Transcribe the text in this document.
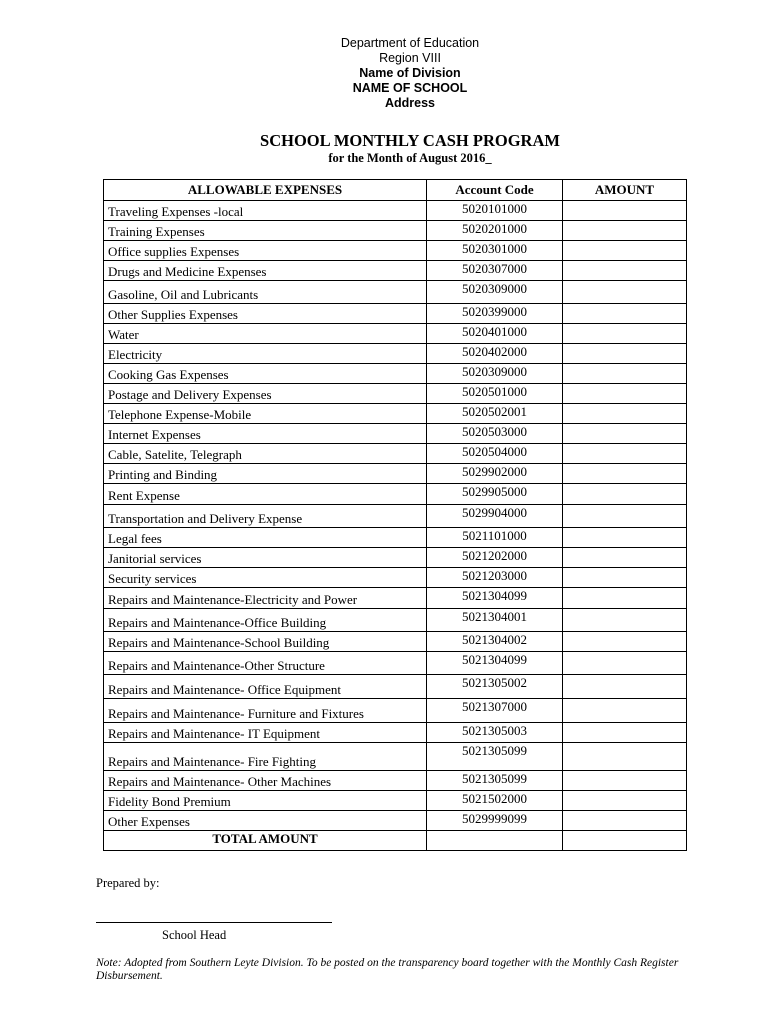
Department of Education
Region VIII
Name of Division
NAME OF SCHOOL
Address
SCHOOL MONTHLY CASH PROGRAM
for the Month of August 2016_
ALLOWABLE EXPENSES	Account Code	AMOUNT
Traveling Expenses -local	5020101000	
Training Expenses	5020201000	
Office supplies Expenses	5020301000	
Drugs and Medicine Expenses	5020307000	
Gasoline, Oil and Lubricants	5020309000	
Other Supplies Expenses	5020399000	
Water	5020401000	
Electricity	5020402000	
Cooking Gas Expenses	5020309000	
Postage and Delivery Expenses	5020501000	
Telephone Expense-Mobile	5020502001	
Internet Expenses	5020503000	
Cable, Satelite, Telegraph	5020504000	
Printing and Binding	5029902000	
Rent Expense	5029905000	
Transportation and Delivery Expense	5029904000	
Legal fees	5021101000	
Janitorial services	5021202000	
Security services	5021203000	
Repairs and Maintenance-Electricity and Power	5021304099	
Repairs and Maintenance-Office Building	5021304001	
Repairs and Maintenance-School Building	5021304002	
Repairs and Maintenance-Other Structure	5021304099	
Repairs and Maintenance- Office Equipment	5021305002	
Repairs and Maintenance- Furniture and Fixtures	5021307000	
Repairs and Maintenance- IT Equipment	5021305003	
Repairs and Maintenance- Fire Fighting	5021305099	
Repairs and Maintenance- Other Machines	5021305099	
Fidelity Bond Premium	5021502000	
Other Expenses	5029999099	
TOTAL AMOUNT		
Prepared by:
School Head
Note: Adopted from Southern Leyte Division. To be posted on the transparency board together with the Monthly Cash Register Disbursement.
